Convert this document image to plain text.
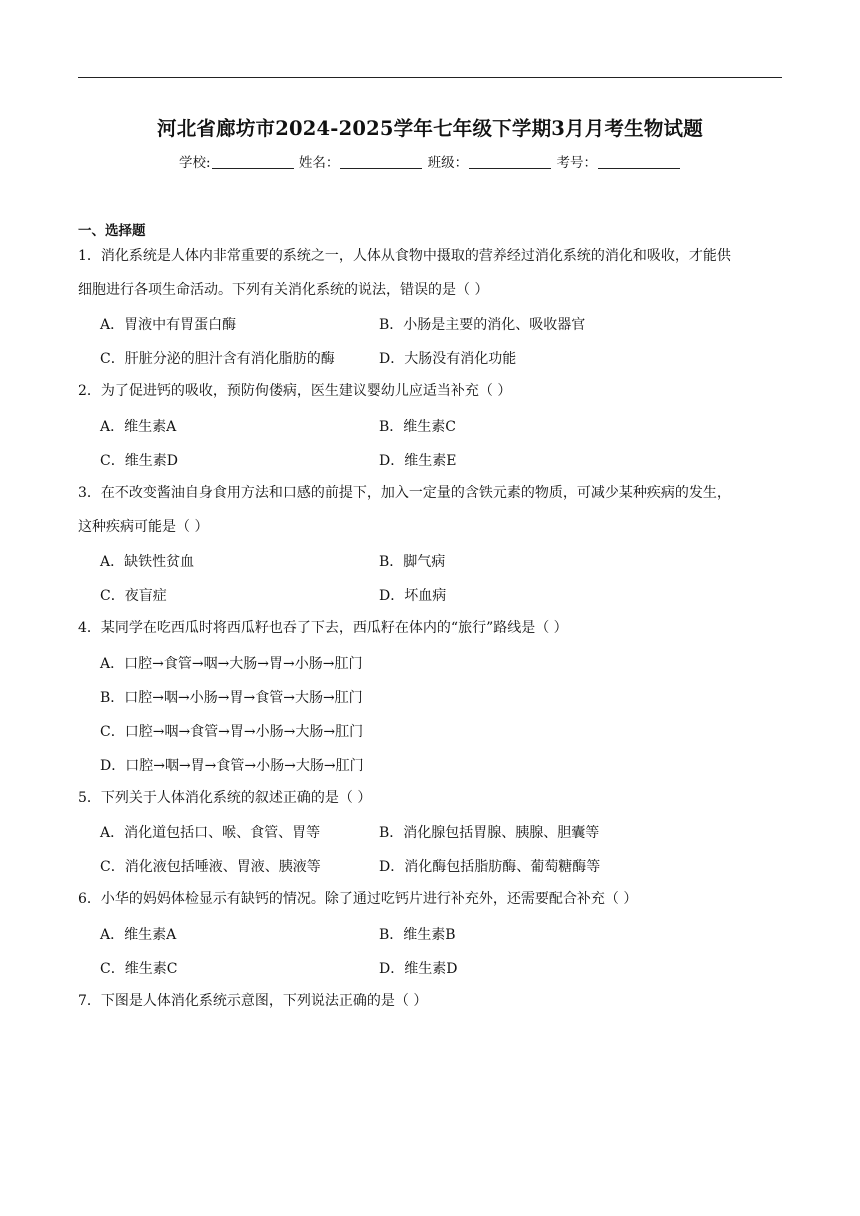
河北省廊坊市2024-2025学年七年级下学期3月月考生物试题
学校:	姓名：	班级：	考号：
一、选择题
1．消化系统是人体内非常重要的系统之一，人体从食物中摄取的营养经过消化系统的消化和吸收，才能供
细胞进行各项生命活动。下列有关消化系统的说法，错误的是（ ）
A．胃液中有胃蛋白酶	B．小肠是主要的消化、吸收器官
C．肝脏分泌的胆汁含有消化脂肪的酶	D．大肠没有消化功能
2．为了促进钙的吸收，预防佝偻病，医生建议婴幼儿应适当补充（ ）
A．维生素A	B．维生素C
C．维生素D	D．维生素E
3．在不改变酱油自身食用方法和口感的前提下，加入一定量的含铁元素的物质，可减少某种疾病的发生，
这种疾病可能是（ ）
A．缺铁性贫血	B．脚气病
C．夜盲症	D．坏血病
4．某同学在吃西瓜时将西瓜籽也吞了下去，西瓜籽在体内的“旅行”路线是（ ）
A．口腔→食管→咽→大肠→胃→小肠→肛门
B．口腔→咽→小肠→胃→食管→大肠→肛门
C．口腔→咽→食管→胃→小肠→大肠→肛门
D．口腔→咽→胃→食管→小肠→大肠→肛门
5．下列关于人体消化系统的叙述正确的是（ ）
A．消化道包括口、喉、食管、胃等	B．消化腺包括胃腺、胰腺、胆囊等
C．消化液包括唾液、胃液、胰液等	D．消化酶包括脂肪酶、葡萄糖酶等
6．小华的妈妈体检显示有缺钙的情况。除了通过吃钙片进行补充外，还需要配合补充（ ）
A．维生素A	B．维生素B
C．维生素C	D．维生素D
7．下图是人体消化系统示意图，下列说法正确的是（ ）
